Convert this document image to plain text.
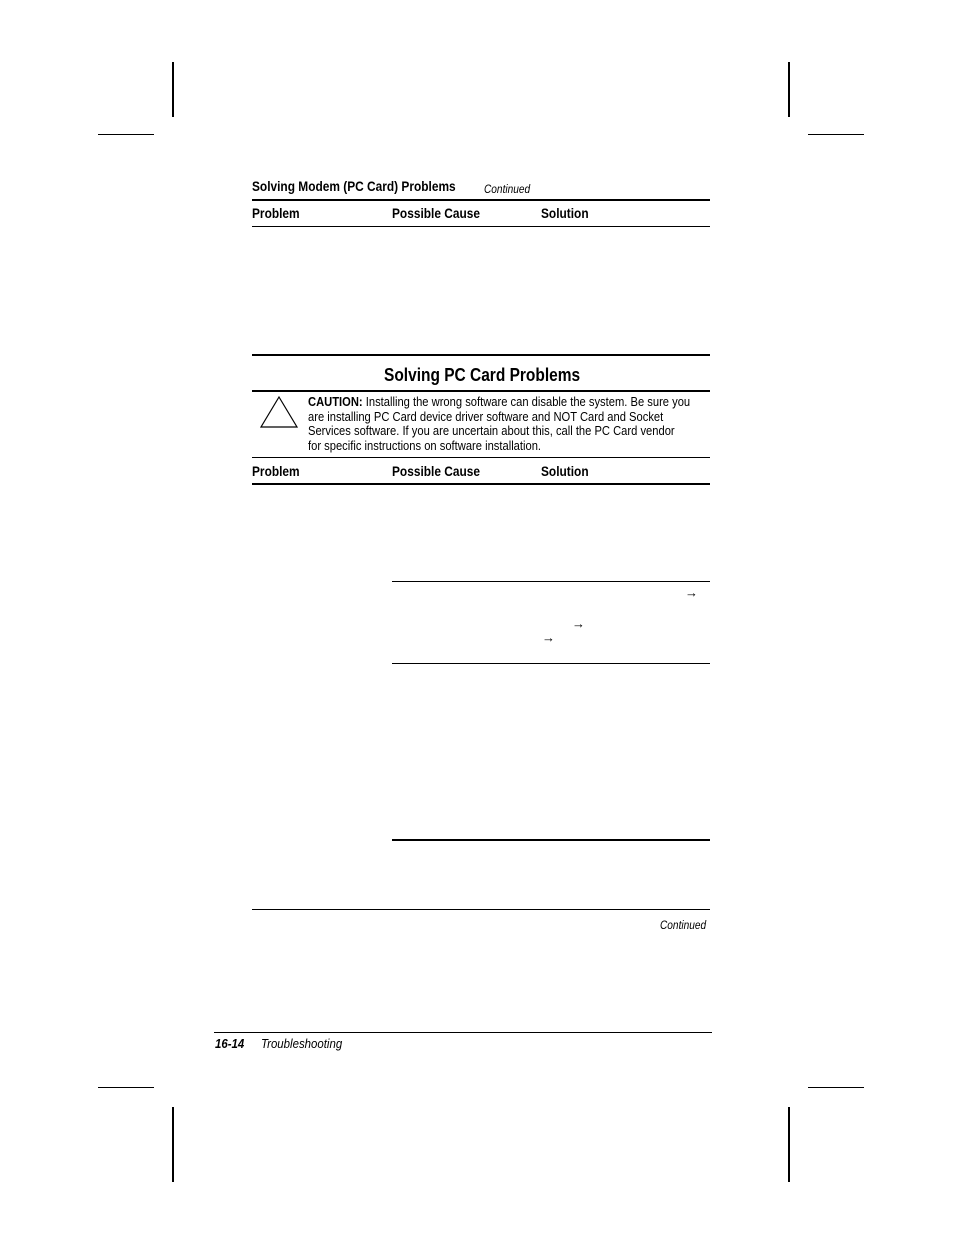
Solving Modem (PC Card) Problems	Continued
Problem	Possible Cause	Solution
Solving PC Card Problems
CAUTION: Installing the wrong software can disable the system. Be sure you
are installing PC Card device driver software and NOT Card and Socket
Services software. If you are uncertain about this, call the PC Card vendor
for specific instructions on software installation.
Problem	Possible Cause	Solution
→
→
→
Continued
16-14	Troubleshooting
